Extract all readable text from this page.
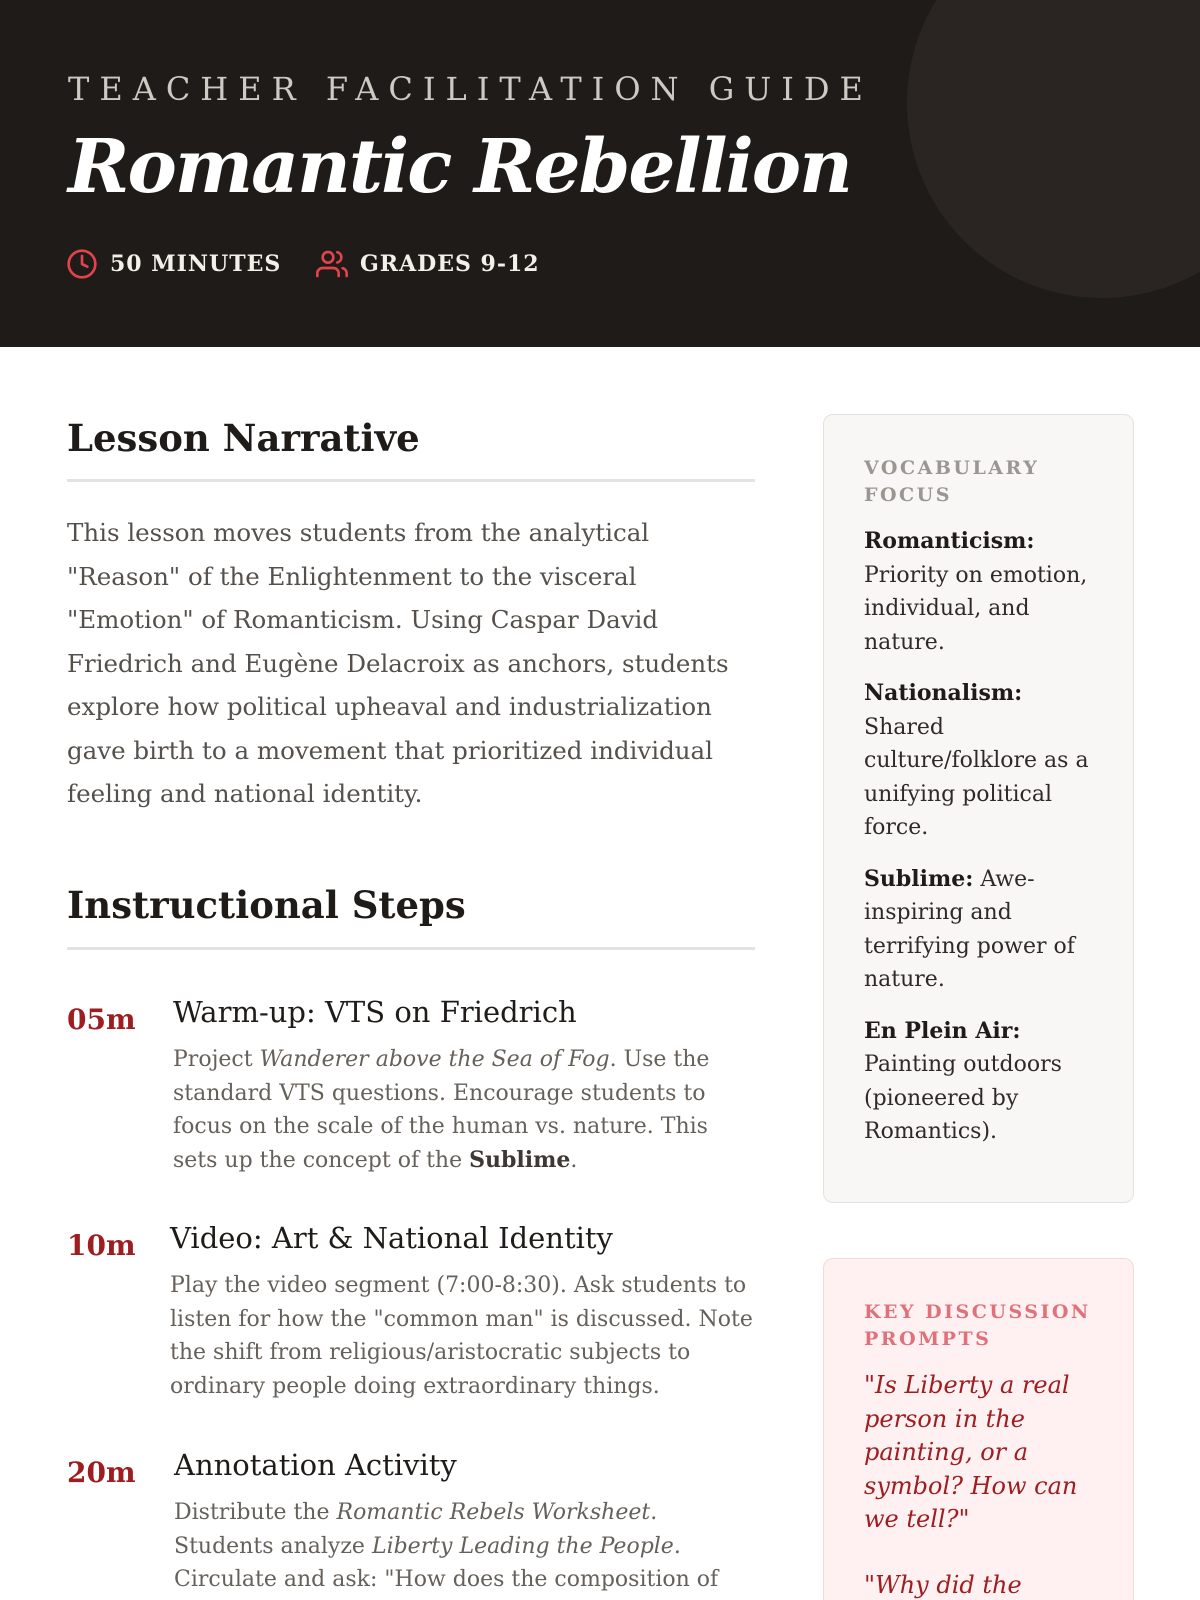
TEACHER FACILITATION GUIDE
Romantic Rebellion
50 MINUTES	GRADES 9-12
Lesson Narrative

This lesson moves students from the analytical "Reason" of the Enlightenment to the visceral "Emotion" of Romanticism. Using Caspar David Friedrich and Eugène Delacroix as anchors, students explore how political upheaval and industrialization gave birth to a movement that prioritized individual feeling and national identity.

Instructional Steps
05m Warm-up: VTS on Friedrich

Project Wanderer above the Sea of Fog. Use the standard VTS questions. Encourage students to focus on the scale of the human vs. nature. This sets up the concept of the Sublime.

10m Video: Art & National Identity

Play the video segment (7:00-8:30). Ask students to listen for how the "common man" is discussed. Note the shift from religious/aristocratic subjects to ordinary people doing extraordinary things.

20m Annotation Activity

Distribute the Romantic Rebels Worksheet. Students analyze Liberty Leading the People. Circulate and ask: "How does the composition of

VOCABULARY FOCUS

Romanticism: Priority on emotion, individual, and nature.

Nationalism: Shared culture/folklore as a unifying political force.

Sublime: Awe-inspiring and terrifying power of nature.

En Plein Air: Painting outdoors (pioneered by Romantics).

KEY DISCUSSION PROMPTS

"Is Liberty a real person in the painting, or a symbol? How can we tell?"

"Why did the
